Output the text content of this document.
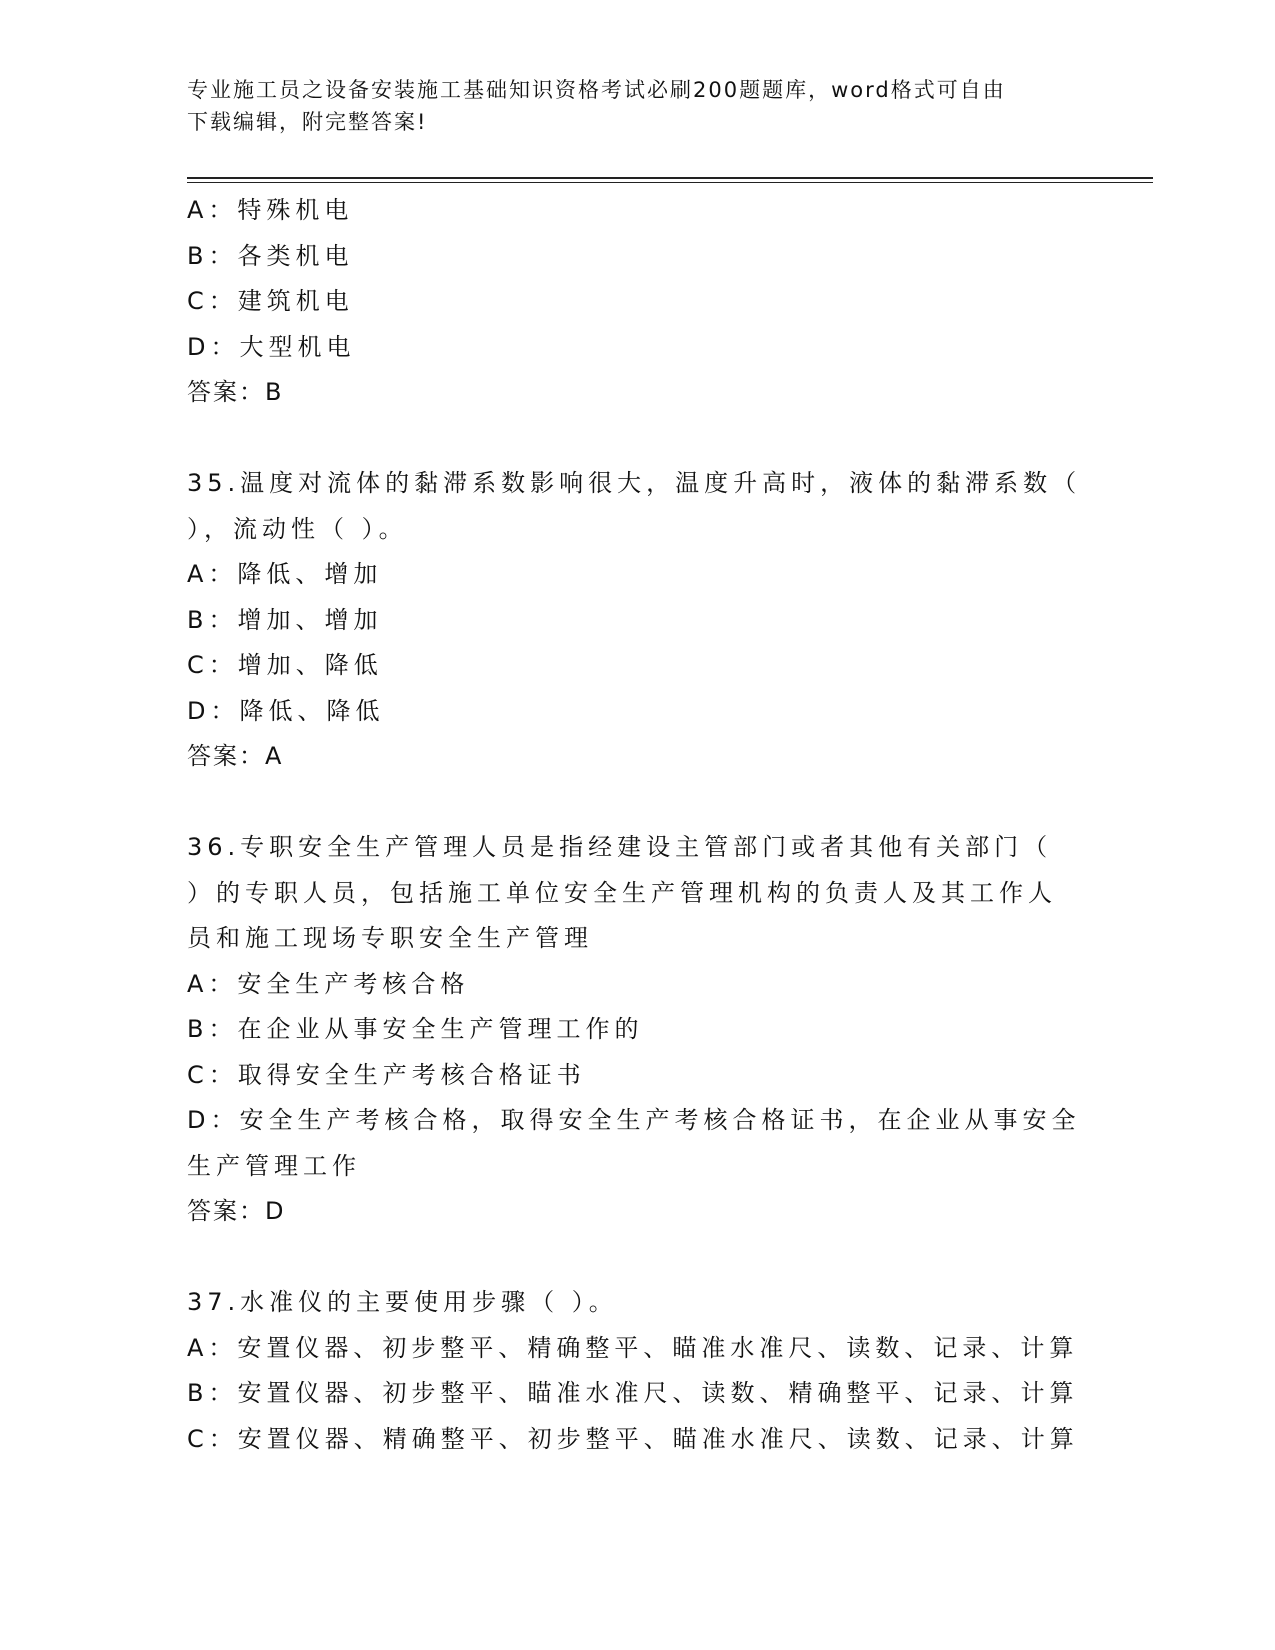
专业施工员之设备安装施工基础知识资格考试必刷200题题库，word格式可自由
下载编辑，附完整答案!
A：特殊机电
B：各类机电
C：建筑机电
D：大型机电
答案：B
35.温度对流体的黏滞系数影响很大，温度升高时，液体的黏滞系数（
），流动性（ ）。
A：降低、增加
B：增加、增加
C：增加、降低
D：降低、降低
答案：A
36.专职安全生产管理人员是指经建设主管部门或者其他有关部门（
）的专职人员，包括施工单位安全生产管理机构的负责人及其工作人
员和施工现场专职安全生产管理
A：安全生产考核合格
B：在企业从事安全生产管理工作的
C：取得安全生产考核合格证书
D：安全生产考核合格，取得安全生产考核合格证书，在企业从事安全
生产管理工作
答案：D
37.水准仪的主要使用步骤（ ）。
A：安置仪器、初步整平、精确整平、瞄准水准尺、读数、记录、计算
B：安置仪器、初步整平、瞄准水准尺、读数、精确整平、记录、计算
C：安置仪器、精确整平、初步整平、瞄准水准尺、读数、记录、计算
